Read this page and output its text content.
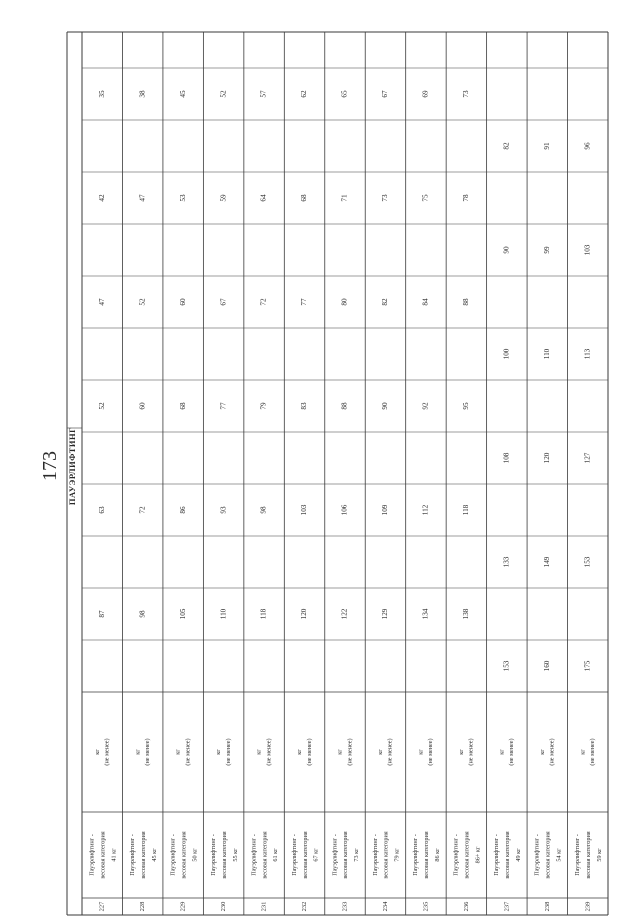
173 ПАУЭРЛИФТИНГ
227
Пауэрлифтинг - весовая категория 41 кг
кг (не менее)
87
63
52
47
42
35
228
Пауэрлифтинг - весовая категория 45 кг
кг (не менее)
98
72
60
52
47
38
229
Пауэрлифтинг - весовая категория 50 кг
кг (не менее)
105
86
68
60
53
45
230
Пауэрлифтинг - весовая категория 55 кг
кг (не менее)
110
93
77
67
59
52
231
Пауэрлифтинг - весовая категория 61 кг
кг (не менее)
118
98
79
72
64
57
232
Пауэрлифтинг - весовая категория 67 кг
кг (не менее)
120
103
83
77
68
62
233
Пауэрлифтинг - весовая категория 73 кг
кг (не менее)
122
106
88
80
71
65
234
Пауэрлифтинг - весовая категория 79 кг
кг (не менее)
129
109
90
82
73
67
235
Пауэрлифтинг - весовая категория 86 кг
кг (не менее)
134
112
92
84
75
69
236
Пауэрлифтинг - весовая категория 86+ кг
кг (не менее)
138
118
95
88
78
73
237
Пауэрлифтинг - весовая категория 49 кг
кг (не менее)
153
133
108
100
90
82
238
Пауэрлифтинг - весовая категория 54 кг
кг (не менее)
160
149
120
110
99
91
239
Пауэрлифтинг - весовая категория 59 кг
кг (не менее)
175
153
127
113
103
96
